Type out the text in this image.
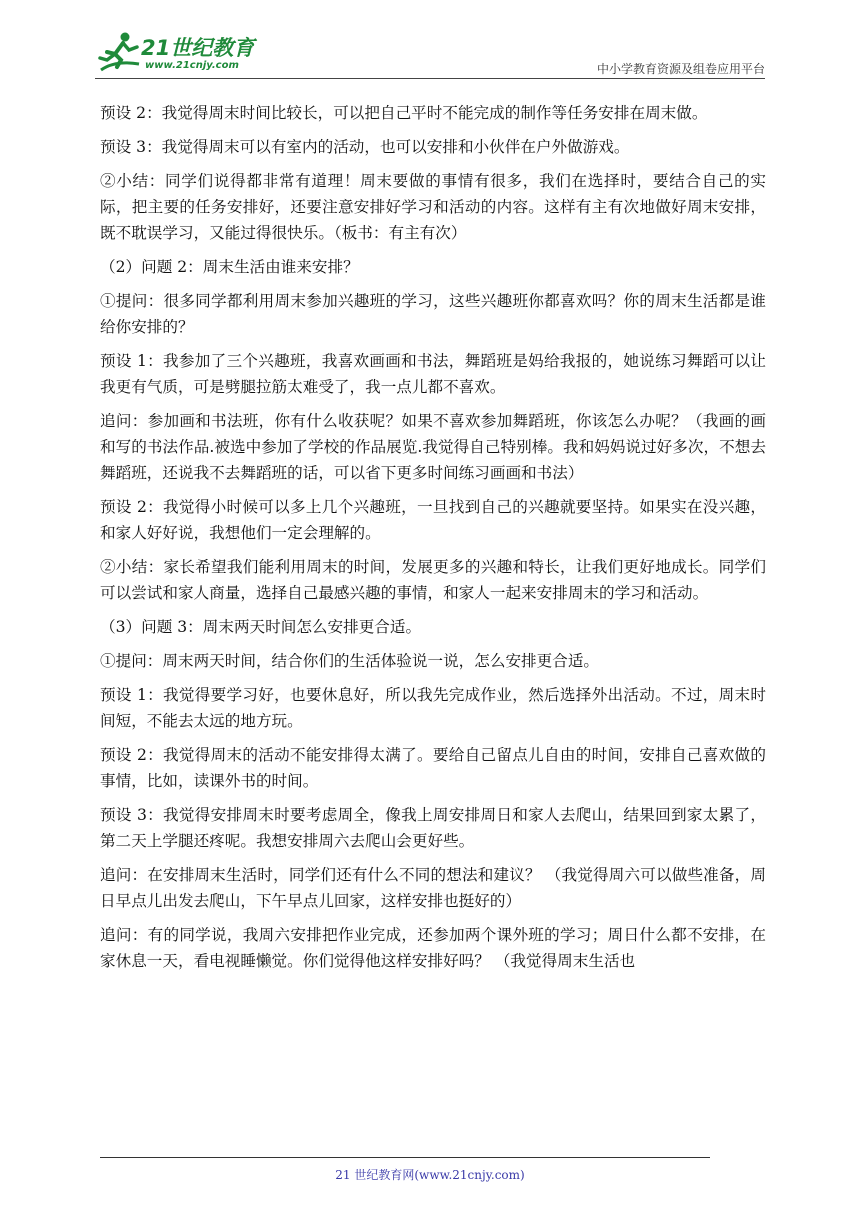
21世纪教育
www.21cnjy.com	中小学教育资源及组卷应用平台

预设 2：我觉得周末时间比较长，可以把自己平时不能完成的制作等任务安排在周末做。

预设 3：我觉得周末可以有室内的活动，也可以安排和小伙伴在户外做游戏。

②小结：同学们说得都非常有道理！周末要做的事情有很多，我们在选择时，要结合自己的实际，把主要的任务安排好，还要注意安排好学习和活动的内容。这样有主有次地做好周末安排，既不耽误学习，又能过得很快乐。（板书：有主有次）

（2）问题 2：周末生活由谁来安排？

①提问：很多同学都利用周末参加兴趣班的学习，这些兴趣班你都喜欢吗？你的周末生活都是谁给你安排的？

预设 1：我参加了三个兴趣班，我喜欢画画和书法，舞蹈班是妈给我报的，她说练习舞蹈可以让我更有气质，可是劈腿拉筋太难受了，我一点儿都不喜欢。

追问：参加画和书法班，你有什么收获呢？如果不喜欢参加舞蹈班，你该怎么办呢？（我画的画和写的书法作品.被选中参加了学校的作品展览.我觉得自己特别棒。我和妈妈说过好多次，不想去舞蹈班，还说我不去舞蹈班的话，可以省下更多时间练习画画和书法）

预设 2：我觉得小时候可以多上几个兴趣班，一旦找到自己的兴趣就要坚持。如果实在没兴趣，和家人好好说，我想他们一定会理解的。

②小结：家长希望我们能利用周末的时间，发展更多的兴趣和特长，让我们更好地成长。同学们可以尝试和家人商量，选择自己最感兴趣的事情，和家人一起来安排周末的学习和活动。

（3）问题 3：周末两天时间怎么安排更合适。

①提问：周末两天时间，结合你们的生活体验说一说，怎么安排更合适。

预设 1：我觉得要学习好，也要休息好，所以我先完成作业，然后选择外出活动。不过，周末时间短，不能去太远的地方玩。

预设 2：我觉得周末的活动不能安排得太满了。要给自己留点儿自由的时间，安排自己喜欢做的事情，比如，读课外书的时间。

预设 3：我觉得安排周末时要考虑周全，像我上周安排周日和家人去爬山，结果回到家太累了，第二天上学腿还疼呢。我想安排周六去爬山会更好些。

追问：在安排周末生活时，同学们还有什么不同的想法和建议？ （我觉得周六可以做些准备，周日早点儿出发去爬山，下午早点儿回家，这样安排也挺好的）

追问：有的同学说，我周六安排把作业完成，还参加两个课外班的学习；周日什么都不安排，在家休息一天，看电视睡懒觉。你们觉得他这样安排好吗？ （我觉得周末生活也

21 世纪教育网(www.21cnjy.com)
